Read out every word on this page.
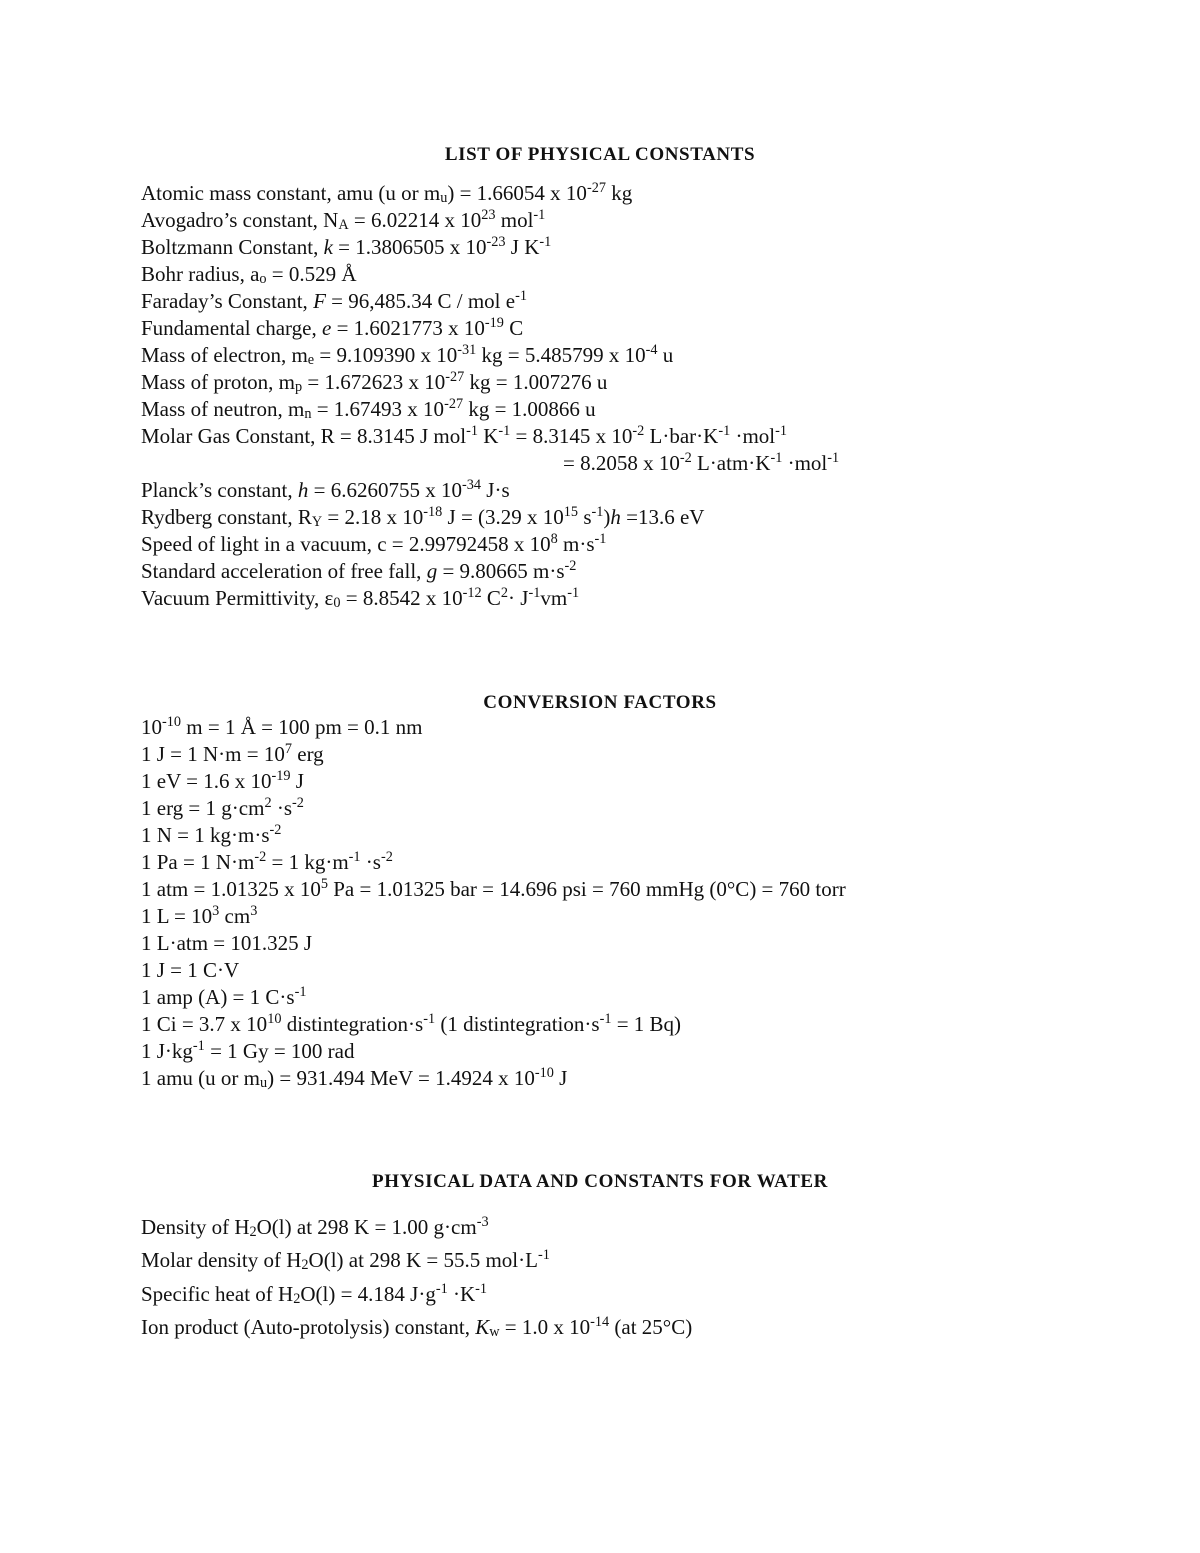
LIST OF PHYSICAL CONSTANTS
Atomic mass constant, amu (u or $m_u) = 1.66054$ x $10^{-27}$ kg
Avogadro’s constant, $N_A = 6.02214$ x $10^{23}$ mol$^{-1}$
Boltzmann Constant, k = 1.3806505 x $10^{-23}$ J $K^{-1}$
Bohr radius, $a_o = 0.529$ Å
Faraday’s Constant, F = 96,485.34 C / mol $e^{-1}$
Fundamental charge, e = 1.6021773 x $10^{-19}$ C
Mass of electron, $m_e = 9.109390$ x $10^{-31}$ kg = 5.485799 x $10^{-4}$ u
Mass of proton, $m_p = 1.672623$ x $10^{-27}$ kg = 1.007276 u
Mass of neutron, $m_n = 1.67493$ x $10^{-27}$ kg = 1.00866 u
Molar Gas Constant, R = 8.3145 J mol$^{-1}$ $K^{-1} = 8.3145$ x $10^{-2}$ $L\cdot bar\cdot K^{-1} \cdot mol^{-1}$
= 8.2058 x $10^{-2}$ $L\cdot atm\cdot K^{-1} \cdot mol^{-1}$
Planck’s constant, h = 6.6260755 x $10^{-34}$ J·s
Rydberg constant, $R_Y = 2.18$ x $10^{-18}$ J = (3.29 x $10^{15}$ $s^{-1})h =13.6$ eV
Speed of light in a vacuum, c = 2.99792458 x $10^8$ $m\cdot s^{-1}$
Standard acceleration of free fall, g = 9.80665 $m\cdot s^{-2}$
Vacuum Permittivity, $\varepsilon_0 = 8.8542$ x $10^{-12}$ $C^2\cdot J^{-1}vm^{-1}$
CONVERSION FACTORS
$10^{-10}$ m = 1 Å = 100 pm = 0.1 nm
1 J = 1 $N\cdot m = 10^7$ erg
1 eV = 1.6 x $10^{-19}$ J
1 erg = 1 $g\cdot cm^2 \cdot s^{-2}$
1 N = 1 $kg\cdot m\cdot s^{-2}$
1 Pa = 1 $N\cdot m^{-2} = 1$ $kg\cdot m^{-1} \cdot s^{-2}$
1 atm = 1.01325 x $10^5$ Pa = 1.01325 bar = 14.696 psi = 760 mmHg (0°C) = 760 torr
1 $L = 10^3$ $cm^3$
1 L·atm = 101.325 J
1 J = 1 C·V
1 amp (A) = 1 $C\cdot s^{-1}$
1 Ci = 3.7 x $10^{10}$ $distintegration\cdot s^{-1}$ (1 $distintegration\cdot s^{-1} = 1$ Bq)
1 $J\cdot kg^{-1} = 1$ Gy = 100 rad
1 amu (u or $m_u) = 931.494$ MeV = 1.4924 x $10^{-10}$ J
PHYSICAL DATA AND CONSTANTS FOR WATER
Density of $H_2O(l)$ at 298 K = 1.00 $g\cdot cm^{-3}$
Molar density of $H_2O(l)$ at 298 K = 55.5 $mol\cdot L^{-1}$
Specific heat of $H_2O(l) = 4.184$ $J\cdot g^{-1} \cdot K^{-1}$
Ion product (Auto-protolysis) constant, $K_w = 1.0$ x $10^{-14}$ (at 25°C)
